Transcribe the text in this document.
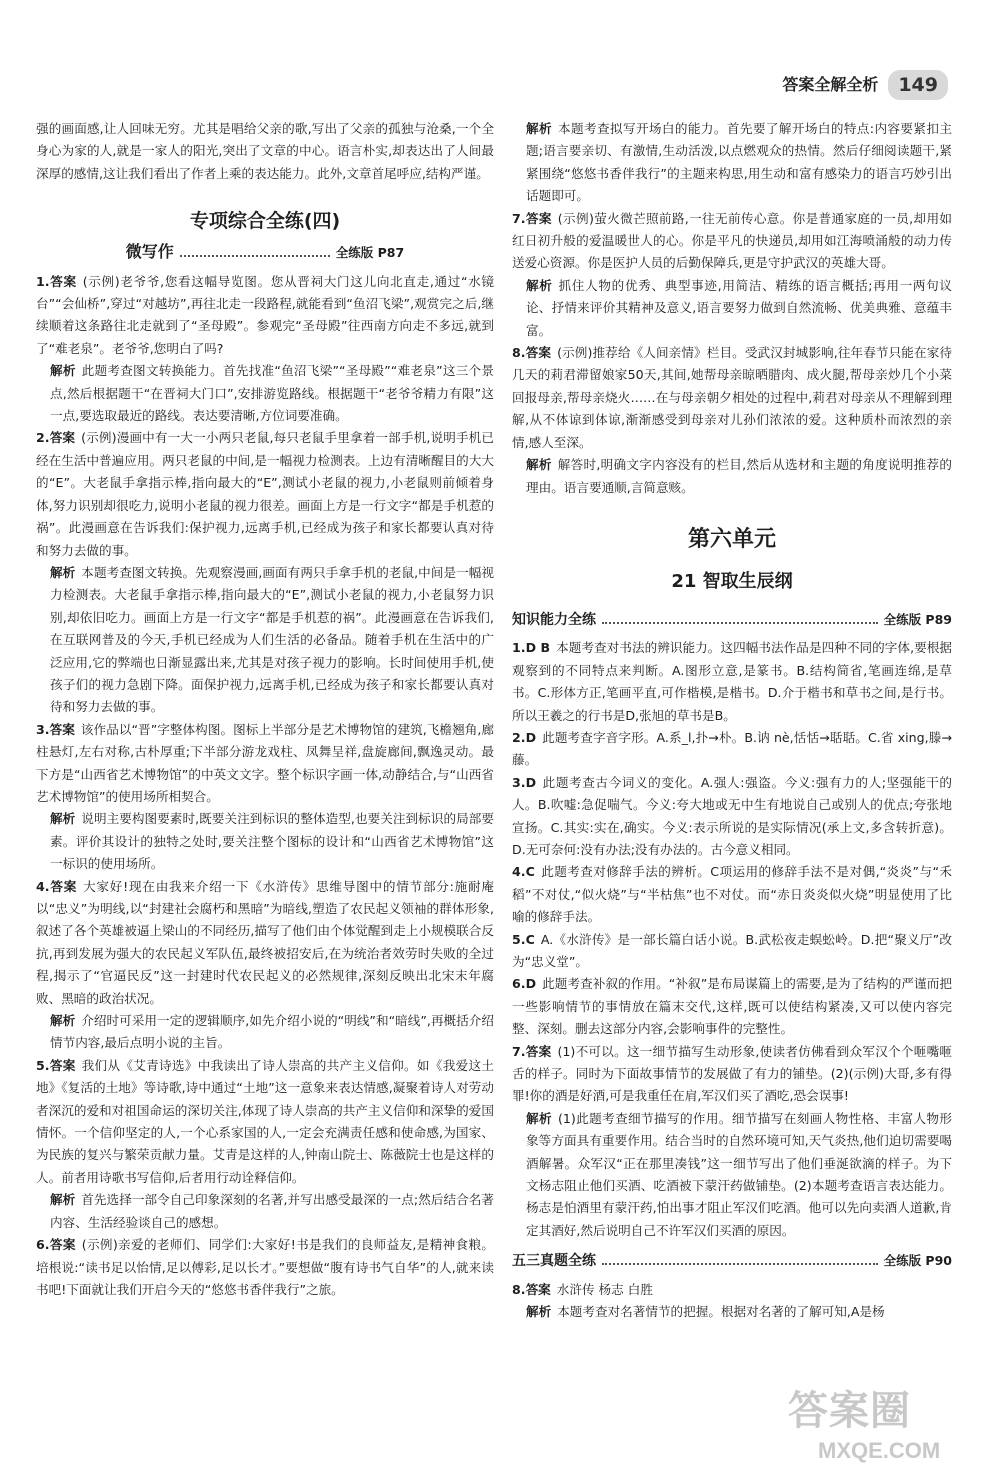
答案全解全析	149

强的画面感,让人回味无穷。尤其是唱给父亲的歌,写出了父亲的孤独与沧桑,一个全身心为家的人,就是一家人的阳光,突出了文章的中心。语言朴实,却表达出了人间最深厚的感情,这让我们看出了作者上乘的表达能力。此外,文章首尾呼应,结构严谨。

专项综合全练(四)
微写作	全练版 P87

1.答案 (示例)老爷爷,您看这幅导览图。您从晋祠大门这儿向北直走,通过“水镜台”“会仙桥”,穿过“对越坊”,再往北走一段路程,就能看到“鱼沼飞梁”,观赏完之后,继续顺着这条路往北走就到了“圣母殿”。参观完“圣母殿”往西南方向走不多远,就到了“难老泉”。老爷爷,您明白了吗?

解析 此题考查图文转换能力。首先找准“鱼沼飞梁”“圣母殿”“难老泉”这三个景点,然后根据题干“在晋祠大门口”,安排游览路线。根据题干“老爷爷精力有限”这一点,要选取最近的路线。表达要清晰,方位词要准确。

2.答案 (示例)漫画中有一大一小两只老鼠,每只老鼠手里拿着一部手机,说明手机已经在生活中普遍应用。两只老鼠的中间,是一幅视力检测表。上边有清晰醒目的大大的“E”。大老鼠手拿指示棒,指向最大的“E”,测试小老鼠的视力,小老鼠则前倾着身体,努力识别却很吃力,说明小老鼠的视力很差。画面上方是一行文字“都是手机惹的祸”。此漫画意在告诉我们:保护视力,远离手机,已经成为孩子和家长都要认真对待和努力去做的事。

解析 本题考查图文转换。先观察漫画,画面有两只手拿手机的老鼠,中间是一幅视力检测表。大老鼠手拿指示棒,指向最大的“E”,测试小老鼠的视力,小老鼠努力识别,却依旧吃力。画面上方是一行文字“都是手机惹的祸”。此漫画意在告诉我们,在互联网普及的今天,手机已经成为人们生活的必备品。随着手机在生活中的广泛应用,它的弊端也日渐显露出来,尤其是对孩子视力的影响。长时间使用手机,使孩子们的视力急剧下降。面保护视力,远离手机,已经成为孩子和家长都要认真对待和努力去做的事。

3.答案 该作品以“晋”字整体构图。图标上半部分是艺术博物馆的建筑,飞檐翘角,廊柱悬灯,左右对称,古朴厚重;下半部分游龙戏柱、凤舞呈祥,盘旋廊间,飘逸灵动。最下方是“山西省艺术博物馆”的中英文文字。整个标识字画一体,动静结合,与“山西省艺术博物馆”的使用场所相契合。

解析 说明主要构图要素时,既要关注到标识的整体造型,也要关注到标识的局部要素。评价其设计的独特之处时,要关注整个图标的设计和“山西省艺术博物馆”这一标识的使用场所。

4.答案 大家好!现在由我来介绍一下《水浒传》思维导图中的情节部分:施耐庵以“忠义”为明线,以“封建社会腐朽和黑暗”为暗线,塑造了农民起义领袖的群体形象,叙述了各个英雄被逼上梁山的不同经历,描写了他们由个体觉醒到走上小规模联合反抗,再到发展为强大的农民起义军队伍,最终被招安后,在为统治者效劳时失败的全过程,揭示了“官逼民反”这一封建时代农民起义的必然规律,深刻反映出北宋末年腐败、黑暗的政治状况。

解析 介绍时可采用一定的逻辑顺序,如先介绍小说的“明线”和“暗线”,再概括介绍情节内容,最后点明小说的主旨。

5.答案 我们从《艾青诗选》中我读出了诗人崇高的共产主义信仰。如《我爱这土地》《复活的土地》等诗歌,诗中通过“土地”这一意象来表达情感,凝聚着诗人对劳动者深沉的爱和对祖国命运的深切关注,体现了诗人崇高的共产主义信仰和深挚的爱国情怀。一个信仰坚定的人,一个心系家国的人,一定会充满责任感和使命感,为国家、为民族的复兴与繁荣贡献力量。艾青是这样的人,钟南山院士、陈薇院士也是这样的人。前者用诗歌书写信仰,后者用行动诠释信仰。

解析 首先选择一部令自己印象深刻的名著,并写出感受最深的一点;然后结合名著内容、生活经验谈自己的感想。

6.答案 (示例)亲爱的老师们、同学们:大家好!书是我们的良师益友,是精神食粮。培根说:“读书足以怡情,足以傅彩,足以长才。”要想做“腹有诗书气自华”的人,就来读书吧!下面就让我们开启今天的“悠悠书香伴我行”之旅。

解析 本题考查拟写开场白的能力。首先要了解开场白的特点:内容要紧扣主题;语言要亲切、有激情,生动活泼,以点燃观众的热情。然后仔细阅读题干,紧紧围绕“悠悠书香伴我行”的主题来构思,用生动和富有感染力的语言巧妙引出话题即可。

7.答案 (示例)萤火微芒照前路,一往无前传心意。你是普通家庭的一员,却用如红日初升般的爱温暖世人的心。你是平凡的快递员,却用如江海喷涌般的动力传送爱心资源。你是医护人员的后勤保障兵,更是守护武汉的英雄大哥。

解析 抓住人物的优秀、典型事迹,用简洁、精练的语言概括;再用一两句议论、抒情来评价其精神及意义,语言要努力做到自然流畅、优美典雅、意蕴丰富。

8.答案 (示例)推荐给《人间亲情》栏目。受武汉封城影响,往年春节只能在家待几天的莉君滞留娘家50天,其间,她帮母亲晾晒腊肉、成火腿,帮母亲炒几个小菜回报母亲,帮母亲烧火……在与母亲朝夕相处的过程中,莉君对母亲从不理解到理解,从不体谅到体谅,渐渐感受到母亲对儿孙们浓浓的爱。这种质朴而浓烈的亲情,感人至深。

解析 解答时,明确文字内容没有的栏目,然后从选材和主题的角度说明推荐的理由。语言要通顺,言简意赅。

第六单元
21 智取生辰纲
知识能力全练	全练版 P89

1.D B 本题考查对书法的辨识能力。这四幅书法作品是四种不同的字体,要根据观察到的不同特点来判断。A.图形立意,是篆书。B.结构简省,笔画连绵,是草书。C.形体方正,笔画平直,可作楷模,是楷书。D.介于楷书和草书之间,是行书。所以王羲之的行书是D,张旭的草书是B。

2.D 此题考查字音字形。A.系_l,扑→朴。B.讷 nè,恬恬→聒聒。C.省 xing,滕→藤。

3.D 此题考查古今词义的变化。A.强人:强盗。今义:强有力的人;坚强能干的人。B.吹嘘:急促喘气。今义:夸大地或无中生有地说自己或别人的优点;夸张地宣扬。C.其实:实在,确实。今义:表示所说的是实际情况(承上文,多含转折意)。D.无可奈何:没有办法;没有办法的。古今意义相同。

4.C 此题考查对修辞手法的辨析。C项运用的修辞手法不是对偶,“炎炎”与“禾稻”不对仗,“似火烧”与“半枯焦”也不对仗。而“赤日炎炎似火烧”明显使用了比喻的修辞手法。

5.C A.《水浒传》是一部长篇白话小说。B.武松夜走蜈蚣岭。D.把“聚义厅”改为“忠义堂”。

6.D 此题考查补叙的作用。“补叙”是布局谋篇上的需要,是为了结构的严谨而把一些影响情节的事情放在篇末交代,这样,既可以使结构紧凑,又可以使内容完整、深刻。删去这部分内容,会影响事件的完整性。

7.答案 (1)不可以。这一细节描写生动形象,使读者仿佛看到众军汉个个咂嘴咂舌的样子。同时为下面故事情节的发展做了有力的铺垫。(2)(示例)大哥,多有得罪!你的酒是好酒,可是我重任在肩,军汉们买了酒吃,恐会误事!

解析 (1)此题考查细节描写的作用。细节描写在刻画人物性格、丰富人物形象等方面具有重要作用。结合当时的自然环境可知,天气炎热,他们迫切需要喝酒解暑。众军汉“正在那里凑钱”这一细节写出了他们垂涎欲滴的样子。为下文杨志阻止他们买酒、吃酒被下蒙汗药做铺垫。(2)本题考查语言表达能力。杨志是怕酒里有蒙汗药,怕出事才阻止军汉们吃酒。他可以先向卖酒人道歉,肯定其酒好,然后说明自己不许军汉们买酒的原因。

五三真题全练	全练版 P90

8.答案 水浒传 杨志 白胜

解析 本题考查对名著情节的把握。根据对名著的了解可知,A是杨

答案圈
MXQE.COM
